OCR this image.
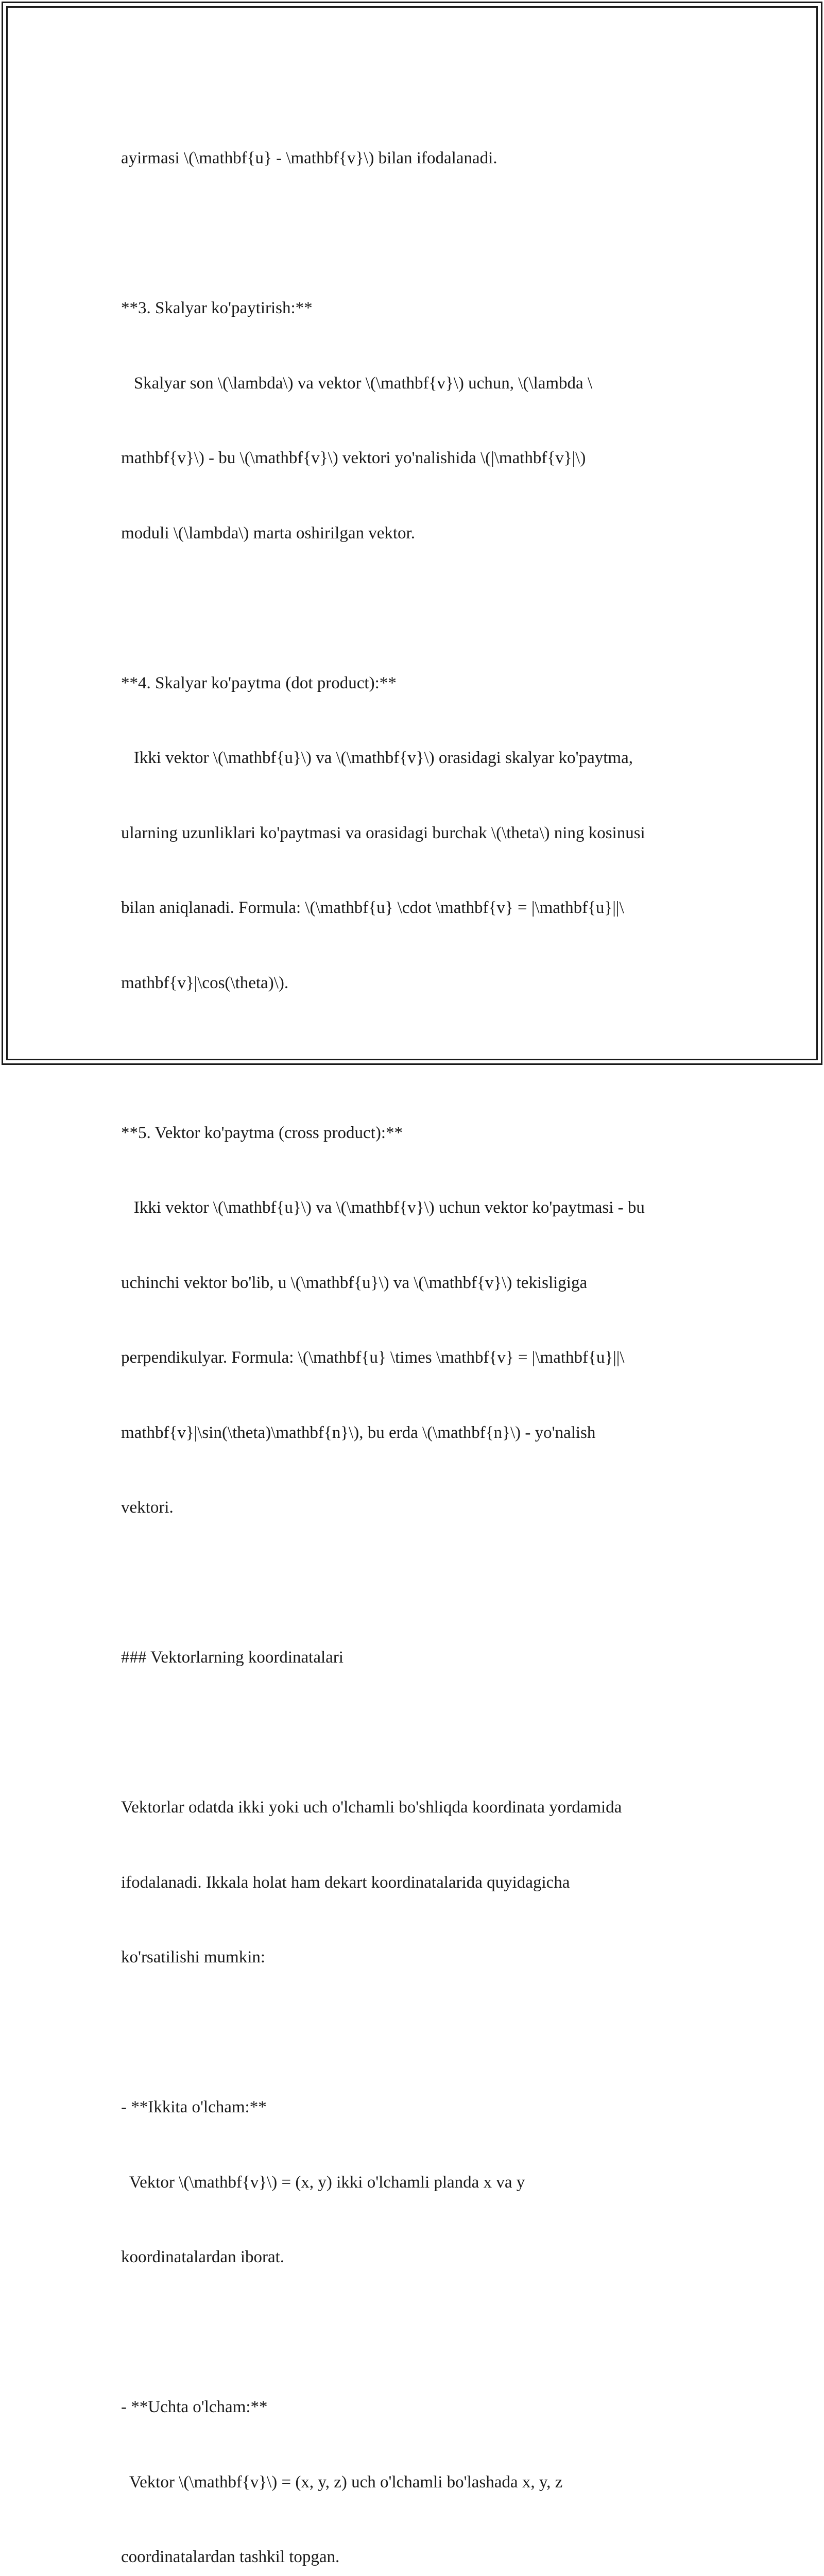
ayirmasi \(\mathbf{u} - \mathbf{v}\) bilan ifodalanadi.

**3. Skalyar ko'paytirish:**

Skalyar son \(\lambda\) va vektor \(\mathbf{v}\) uchun, \(\lambda \

mathbf{v}\) - bu \(\mathbf{v}\) vektori yo'nalishida \(|\mathbf{v}|\)

moduli \(\lambda\) marta oshirilgan vektor.

**4. Skalyar ko'paytma (dot product):**

Ikki vektor \(\mathbf{u}\) va \(\mathbf{v}\) orasidagi skalyar ko'paytma,

ularning uzunliklari ko'paytmasi va orasidagi burchak \(\theta\) ning kosinusi

bilan aniqlanadi. Formula: \(\mathbf{u} \cdot \mathbf{v} = |\mathbf{u}||\

mathbf{v}|\cos(\theta)\).

**5. Vektor ko'paytma (cross product):**

Ikki vektor \(\mathbf{u}\) va \(\mathbf{v}\) uchun vektor ko'paytmasi - bu

uchinchi vektor bo'lib, u \(\mathbf{u}\) va \(\mathbf{v}\) tekisligiga

perpendikulyar. Formula: \(\mathbf{u} \times \mathbf{v} = |\mathbf{u}||\

mathbf{v}|\sin(\theta)\mathbf{n}\), bu erda \(\mathbf{n}\) - yo'nalish

vektori.

### Vektorlarning koordinatalari

Vektorlar odatda ikki yoki uch o'lchamli bo'shliqda koordinata yordamida

ifodalanadi. Ikkala holat ham dekart koordinatalarida quyidagicha

ko'rsatilishi mumkin:

- **Ikkita o'lcham:**

Vektor \(\mathbf{v}\) = (x, y) ikki o'lchamli planda x va y

koordinatalardan iborat.

- **Uchta o'lcham:**

Vektor \(\mathbf{v}\) = (x, y, z) uch o'lchamli bo'lashada x, y, z

coordinatalardan tashkil topgan.
